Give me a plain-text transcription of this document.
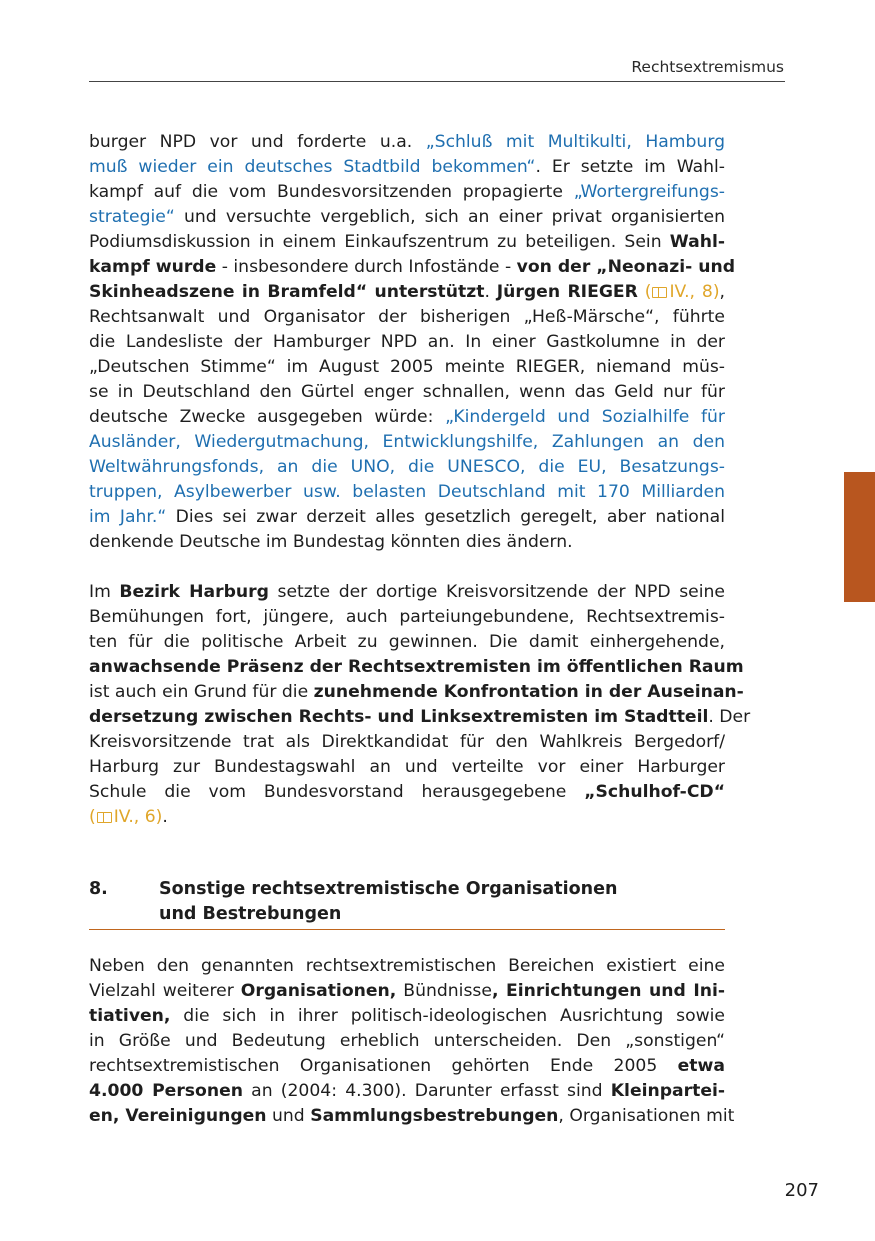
Rechtsextremismus
burger NPD vor und forderte u.a. „Schluß mit Multikulti, Hamburg
muß wieder ein deutsches Stadtbild bekommen“. Er setzte im Wahl-
kampf auf die vom Bundesvorsitzenden propagierte „Wortergreifungs-
strategie“ und versuchte vergeblich, sich an einer privat organisierten
Podiumsdiskussion in einem Einkaufszentrum zu beteiligen. Sein Wahl-
kampf wurde - insbesondere durch Infostände - von der „Neonazi- und
Skinheadszene in Bramfeld“ unterstützt. Jürgen RIEGER ( IV., 8),
Rechtsanwalt und Organisator der bisherigen „Heß-Märsche“, führte
die Landesliste der Hamburger NPD an. In einer Gastkolumne in der
„Deutschen Stimme“ im August 2005 meinte RIEGER, niemand müs-
se in Deutschland den Gürtel enger schnallen, wenn das Geld nur für
deutsche Zwecke ausgegeben würde: „Kindergeld und Sozialhilfe für
Ausländer, Wiedergutmachung, Entwicklungshilfe, Zahlungen an den
Weltwährungsfonds, an die UNO, die UNESCO, die EU, Besatzungs-
truppen, Asylbewerber usw. belasten Deutschland mit 170 Milliarden
im Jahr.“ Dies sei zwar derzeit alles gesetzlich geregelt, aber national
denkende Deutsche im Bundestag könnten dies ändern.
Im Bezirk Harburg setzte der dortige Kreisvorsitzende der NPD seine
Bemühungen fort, jüngere, auch parteiungebundene, Rechtsextremis-
ten für die politische Arbeit zu gewinnen. Die damit einhergehende,
anwachsende Präsenz der Rechtsextremisten im öffentlichen Raum
ist auch ein Grund für die zunehmende Konfrontation in der Auseinan-
dersetzung zwischen Rechts- und Linksextremisten im Stadtteil. Der
Kreisvorsitzende trat als Direktkandidat für den Wahlkreis Bergedorf/
Harburg zur Bundestagswahl an und verteilte vor einer Harburger
Schule die vom Bundesvorstand herausgegebene „Schulhof-CD“
( IV., 6).
8.	Sonstige rechtsextremistische Organisationen
und Bestrebungen
Neben den genannten rechtsextremistischen Bereichen existiert eine
Vielzahl weiterer Organisationen, Bündnisse, Einrichtungen und Ini-
tiativen, die sich in ihrer politisch-ideologischen Ausrichtung sowie
in Größe und Bedeutung erheblich unterscheiden. Den „sonstigen“
rechtsextremistischen Organisationen gehörten Ende 2005 etwa
4.000 Personen an (2004: 4.300). Darunter erfasst sind Kleinpartei-
en, Vereinigungen und Sammlungsbestrebungen, Organisationen mit
207
